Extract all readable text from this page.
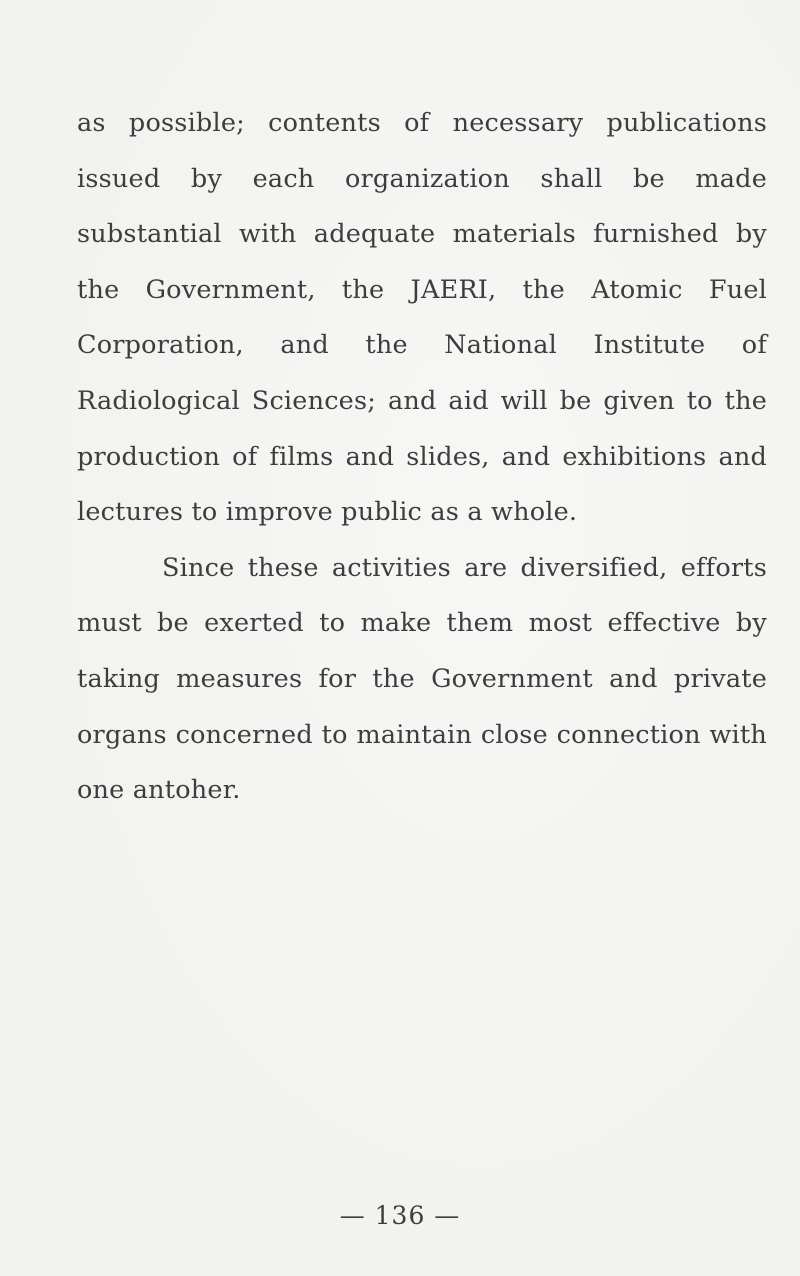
as possible; contents of necessary publications issued by each organization shall be made substantial with adequate materials furnished by the Government, the JAERI, the Atomic Fuel Corporation, and the National Institute of Radiological Sciences; and aid will be given to the production of films and slides, and exhibitions and lectures to improve public as a whole.

Since these activities are diversified, efforts must be exerted to make them most effective by taking measures for the Government and private organs concerned to maintain close connection with one antoher.

— 136 —
